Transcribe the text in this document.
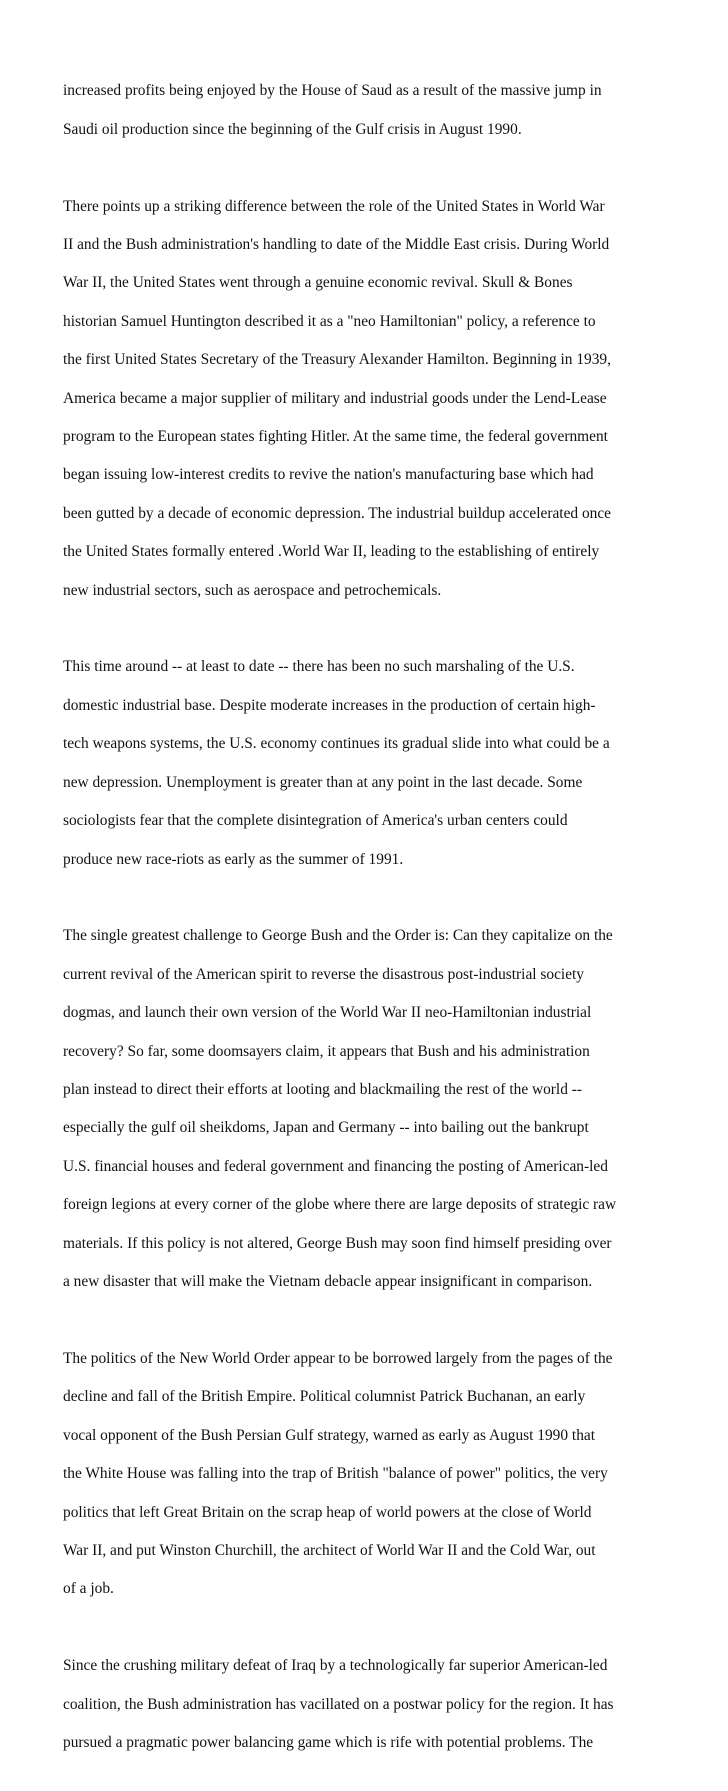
increased profits being enjoyed by the House of Saud as a result of the massive jump in

Saudi oil production since the beginning of the Gulf crisis in August 1990.

There points up a striking difference between the role of the United States in World War

II and the Bush administration's handling to date of the Middle East crisis. During World

War II, the United States went through a genuine economic revival. Skull & Bones

historian Samuel Huntington described it as a "neo Hamiltonian" policy, a reference to

the first United States Secretary of the Treasury Alexander Hamilton. Beginning in 1939,

America became a major supplier of military and industrial goods under the Lend-Lease

program to the European states fighting Hitler. At the same time, the federal government

began issuing low-interest credits to revive the nation's manufacturing base which had

been gutted by a decade of economic depression. The industrial buildup accelerated once

the United States formally entered .World War II, leading to the establishing of entirely

new industrial sectors, such as aerospace and petrochemicals.

This time around -- at least to date -- there has been no such marshaling of the U.S.

domestic industrial base. Despite moderate increases in the production of certain high-

tech weapons systems, the U.S. economy continues its gradual slide into what could be a

new depression. Unemployment is greater than at any point in the last decade. Some

sociologists fear that the complete disintegration of America's urban centers could

produce new race-riots as early as the summer of 1991.

The single greatest challenge to George Bush and the Order is: Can they capitalize on the

current revival of the American spirit to reverse the disastrous post-industrial society

dogmas, and launch their own version of the World War II neo-Hamiltonian industrial

recovery? So far, some doomsayers claim, it appears that Bush and his administration

plan instead to direct their efforts at looting and blackmailing the rest of the world --

especially the gulf oil sheikdoms, Japan and Germany -- into bailing out the bankrupt

U.S. financial houses and federal government and financing the posting of American-led

foreign legions at every corner of the globe where there are large deposits of strategic raw

materials. If this policy is not altered, George Bush may soon find himself presiding over

a new disaster that will make the Vietnam debacle appear insignificant in comparison.

The politics of the New World Order appear to be borrowed largely from the pages of the

decline and fall of the British Empire. Political columnist Patrick Buchanan, an early

vocal opponent of the Bush Persian Gulf strategy, warned as early as August 1990 that

the White House was falling into the trap of British "balance of power" politics, the very

politics that left Great Britain on the scrap heap of world powers at the close of World

War II, and put Winston Churchill, the architect of World War II and the Cold War, out

of a job.

Since the crushing military defeat of Iraq by a technologically far superior American-led

coalition, the Bush administration has vacillated on a postwar policy for the region. It has

pursued a pragmatic power balancing game which is rife with potential problems. The
